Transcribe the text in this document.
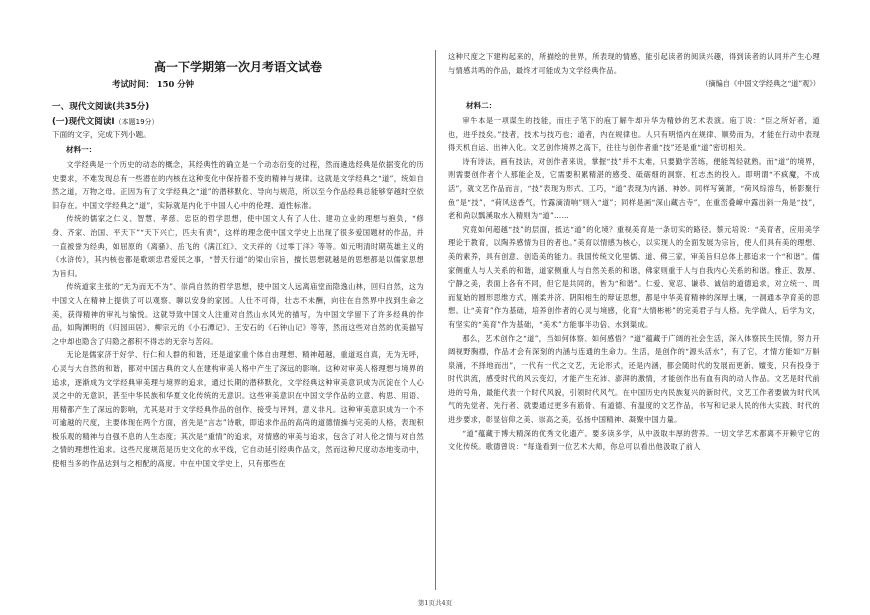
高一下学期第一次月考语文试卷
考试时间： 150 分钟
一、现代文阅读(共35分)
(一)现代文阅读Ⅰ（本题19分）
下面的文字，完成下列小题。
材料一：

文学经典是一个历史的动态的概念，其经典性的确立是一个动态衍变的过程，然而遴选经典是依据变化的历史要求，不难发现总有一些潜在的内核在这种变化中保持着不变的精神与规律。这就是文学经典之“道”，统如自然之道，万物之母。正因为有了文学经典之“道”的潜移默化、导向与规范，所以至今作品经典总能够穿越时空依旧存在。中国文学经典之“道”，实际就是内化于中国人心中的伦理、道性标准。

传统的儒家之仁义、智慧、孝慈、忠臣的哲学思想，使中国文人有了人仕、建功立业的理想与抱负，“修身、齐家、治国、平天下”“天下兴亡，匹夫有责”，这样的理念使中国文学史上出现了很多爱国题材的作品，并一直被誉为经典，如屈原的《离骚》、岳飞的《满江红》、文天祥的《过零丁洋》等等。如元明清时期英雄主义的《水浒传》，其内核也都是歌颂忠君爱民之事，“替天行道”的梁山宗旨，擅长思想就越是的思想都是以儒家思想为旨归。

传统道家主张的“无为而无不为”、崇尚自然的哲学思想，使中国文人远离庙堂而隐逸山林，回归自然，这为中国文人在精神上提供了可以观察、聊以安身的家园。人仕不可得，壮志不未酬，向往在自然界中找到生命之美，获得精神的审礼与愉悦。这就导致中国文人注重对自然山水风光的描写，为中国文学留下了许多经典的作品，如陶渊明的《归园田居》、柳宗元的《小石潭记》、王安石的《石钟山记》等等，然而这些对自然的优美描写之中却也隐含了归隐之都积不得志的无奈与苦闷。

无论是儒家济于好学、行仁和人群的和谐，还是道家重个体自由理想、精神超越，重道返自真，无为无呼，心灵与大自然的和谐，都对中国古典的文人在建构审美人格中产生了深远的影响。这种对审美人格理想与境界的追求，逐渐成为文学经典审美理与境界的追求，通过长期的潜移默化，文学经典这种审美意识成为沉淀在个人心灵之中的无意识，甚至中华民族和华夏文化传统的无意识。这些审美意识在中国文学作品的立意、构思、用语、用精都产生了深远的影响，尤其是对于文学经典作品的创作、接受与评判，意义非凡。这种审美意识成为一个不可逾越的尺度，主要体现在两个方面，首先是“言志”诗歌，即追求作品的高尚的道德情操与完美的人格，表现积极乐观的精神与自强不息的人生态度；其次是“重情”的追求，对情感的审美与追求，包含了对人伦之情与对自然之情的理想性追求。这些尺度规范是历史文化的水平线，它自动延引经典作品文，然而这种尺度动态地变动中，使相当多的作品达到与之相配的高度。中在中国文学史上，只有那些在

这种尺度之下建构起来的，所描绘的世界，所表现的情感，能引起读者的阅读兴趣，得到读者的认同并产生心理与情感共鸣的作品，最终才可能成为文学经典作品。

（摘编自《中国文学经典之“道”观》）
材料二：

审牛本是一项谋生的技能，而庄子笔下的庖丁解牛却升华为精妙的艺术表演。庖丁说：“臣之所好者，道也，进乎技矣。”技者，技术与技巧也；道者，内在规律也。人只有明悟内在规律、顺势而为，才能在行动中表现得天机自运、出神入化。文艺创作境界之高下，往往与创作者重“技”还是重“道”密切相关。

诗有诗法，画有技法，对创作者来说，掌握“技”并不太难，只要勤学苦练，便能驾轻就熟。而“道”的境界，则需要创作者个人那能企及，它需要积累精湛的感受、砥砺细的洞察、杠志杰的投入。即明谓“不疯魔，不成活”，就文艺作品而言，“技”表现为形式、工巧，“道”表现为内涵、神妙。同样写簧萧，“荷风综溶鸟，桥影聚行鱼”是“技”，“荷风送香气，竹露滴清响”则入“道”；同样是画“深山藏古寺”，在重峦叠嶂中露出斜一角是“技”，老和尚以瓢溪取水入精则为“道”……

究竟如何超越“技”的层面，抵达“道”的化境？重视美育是一条切实的路径。蔡元培说：“美育者，应用美学理论于教育，以陶养感情为目的者也。”美育以情感为核心，以实现人的全面发展为宗旨，使人们具有美的理想、美的素养，具有创意、创造美的能力。我国传统文化里儒、道、佛三家，审美旨归总体上都追求一个“和谐”。儒家侧重人与人关系的和谐，道家侧重人与自然关系的和谐，佛家则重于人与自我内心关系的和谐。雅正、敦厚、宁静之美，表面上各有不同，但它是共同的，皆为“和谐”。仁爱、宽忍、谦恭、诚信的道德追求，对立统一、周而复始的圆形思维方式，刚柔并济、阴阳相生的辩证思想，都是中华美育精神的深厚土壤，一洞通本孕育美的思想。让“美育”作为基础，培养创作者的心灵与境感，化育“大情彬彬”的完美君子与人格。先学做人，后学为文，有坚实的“美育”作为基础，“美术”方能事半功倍、水到渠成。

那么，艺术创作之“道”，当如何体察、如何感悟？“道”蕴藏于广阔的社会生活，深入体察民生民情，努力开阔视野胸襟，作品才会有深刻的内涵与连通的生命力。生活，是创作的“源头活水”，有了它，才情方能如“万斛泉涌，不择地而出”，一代有一代之文艺，无论形式，还是内涵，都会随时代的发展而更新、嬗变，只有投身于时代洪流，感受时代的风云变幻，才能产生充沛、澎湃的激情，才能创作出有血有肉的动人作品。文艺是时代前进的号角，最能代表一个时代风貌，引领时代风气。在中国历史内民族复兴的新时代，文艺工作者要做为时代风气的先觉者、先行者、就要通过更多有筋骨、有道德、有温度的文艺作品，书写和记录人民的伟大实践、时代的进步要求，彰显信仰之美、崇高之美，弘扬中国精神、凝聚中国力量。

“道”蕴藏于博大精深的优秀文化遗产。要多读多学，从中汲取丰厚的营养。一切文学艺术都离不开赖守它的文化传统。歌德曾说：“每逢看到一位艺术大师，你总可以看出他汲取了前人

第1页共4页
